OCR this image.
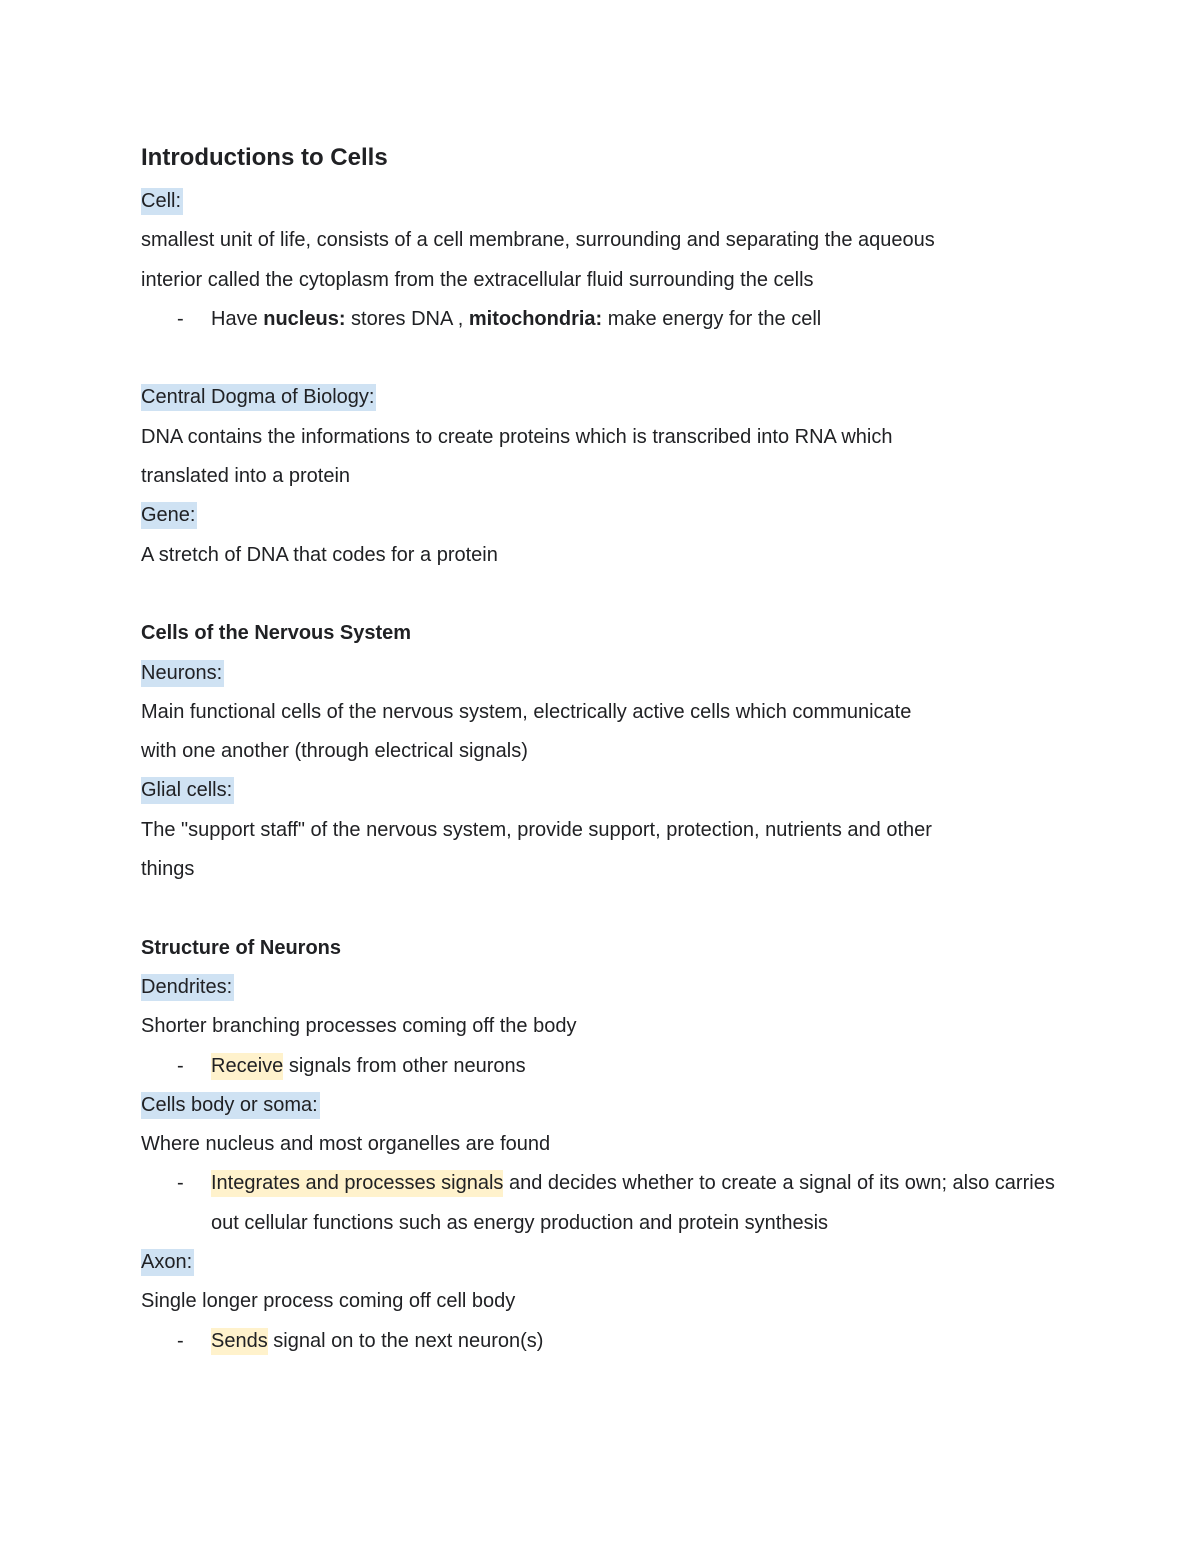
Introductions to Cells
Cell:
smallest unit of life, consists of a cell membrane, surrounding and separating the aqueous
interior called the cytoplasm from the extracellular fluid surrounding the cells
-	Have nucleus: stores DNA , mitochondria: make energy for the cell
Central Dogma of Biology:
DNA contains the informations to create proteins which is transcribed into RNA which
translated into a protein
Gene:
A stretch of DNA that codes for a protein
Cells of the Nervous System
Neurons:
Main functional cells of the nervous system, electrically active cells which communicate
with one another (through electrical signals)
Glial cells:
The "support staff" of the nervous system, provide support, protection, nutrients and other
things
Structure of Neurons
Dendrites:
Shorter branching processes coming off the body
-	Receive signals from other neurons
Cells body or soma:
Where nucleus and most organelles are found
-	Integrates and processes signals and decides whether to create a signal of its own; also carries out cellular functions such as energy production and protein synthesis
Axon:
Single longer process coming off cell body
-	Sends signal on to the next neuron(s)
